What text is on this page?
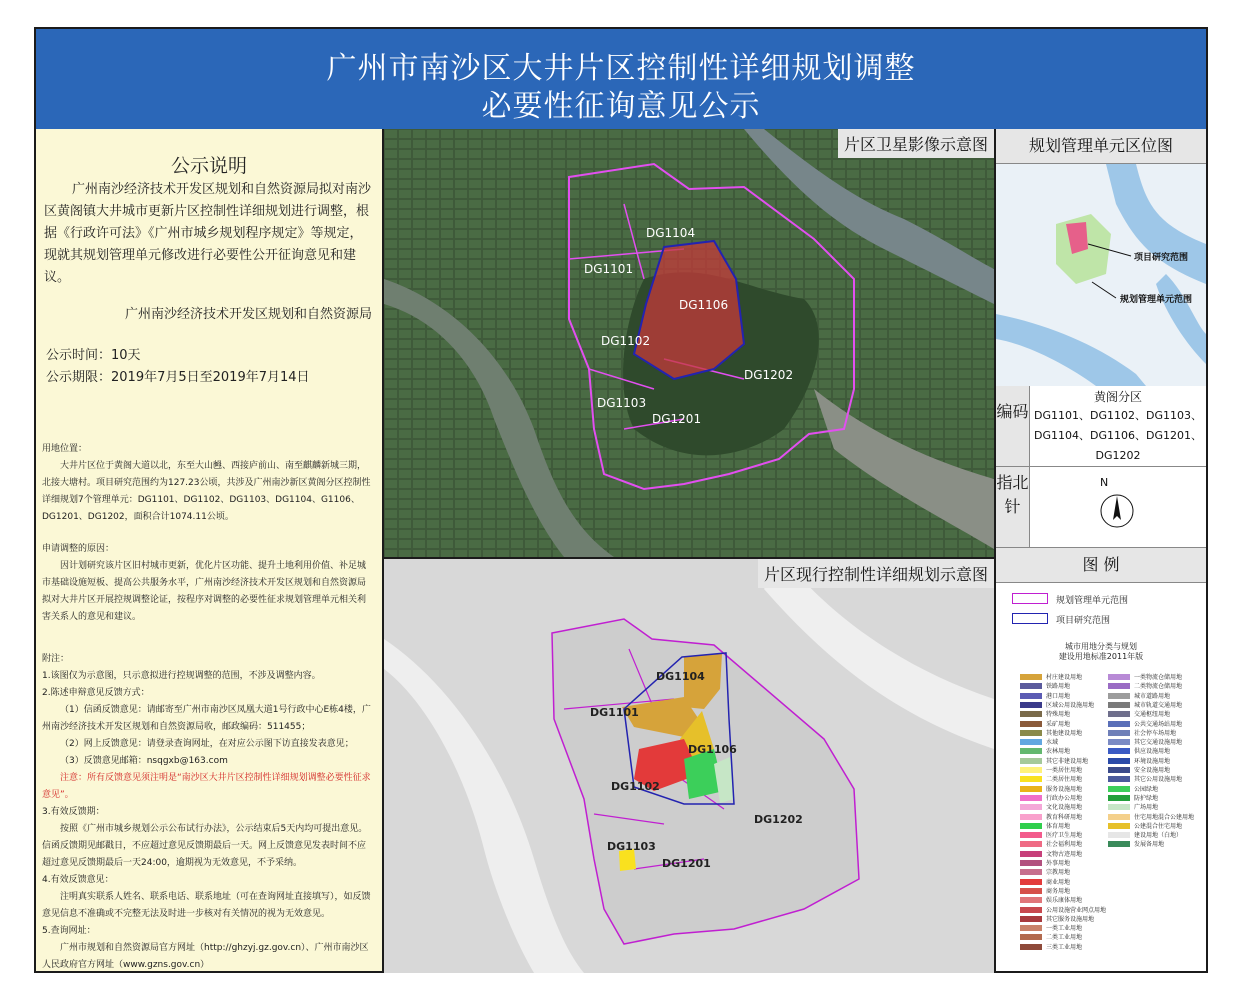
广州市南沙区大井片区控制性详细规划调整
必要性征询意见公示
公示说明
广州南沙经济技术开发区规划和自然资源局拟对南沙区黄阁镇大井城市更新片区控制性详细规划进行调整，根据《行政许可法》《广州市城乡规划程序规定》等规定，现就其规划管理单元修改进行必要性公开征询意见和建议。
广州南沙经济技术开发区规划和自然资源局
公示时间：10天
公示期限：2019年7月5日至2019年7月14日
用地位置：
大井片区位于黄阁大道以北，东至大山乸、西接庐前山、南至麒麟新城三期，北接大塘村。项目研究范围约为127.23公顷，共涉及广州南沙新区黄阁分区控制性详细规划7个管理单元：DG1101、DG1102、DG1103、DG1104、G1106、DG1201、DG1202，面积合计1074.11公顷。
申请调整的原因：
因计划研究该片区旧村城市更新，优化片区功能、提升土地利用价值、补足城市基础设施短板、提高公共服务水平，广州南沙经济技术开发区规划和自然资源局拟对大井片区开展控规调整论证，按程序对调整的必要性征求规划管理单元相关利害关系人的意见和建议。
附注：
1.该图仅为示意图，只示意拟进行控规调整的范围，不涉及调整内容。
2.陈述申辩意见反馈方式：
（1）信函反馈意见：请邮寄至广州市南沙区凤凰大道1号行政中心E栋4楼，广州南沙经济技术开发区规划和自然资源局收，邮政编码：511455；
（2）网上反馈意见：请登录查询网址，在对应公示图下访直接发表意见；
（3）反馈意见邮箱：nsqgxb@163.com
注意：所有反馈意见须注明是“南沙区大井片区控制性详细规划调整必要性征求意见”。
3.有效反馈期：
按照《广州市城乡规划公示公布试行办法》，公示结束后5天内均可提出意见。信函反馈期见邮戳日，不应超过意见反馈期最后一天。网上反馈意见发表时间不应超过意见反馈期最后一天24:00，逾期视为无效意见，不予采纳。
4.有效反馈意见：
注明真实联系人姓名、联系电话、联系地址（可在查询网址直接填写），如反馈意见信息不准确或不完整无法及时进一步核对有关情况的视为无效意见。
5.查询网址：
广州市规划和自然资源局官方网址（http://ghzyj.gz.gov.cn）、广州市南沙区人民政府官方网址（www.gzns.gov.cn）
DG1104
DG1101
DG1106
DG1102
DG1202
DG1103
DG1201
片区卫星影像示意图
DG1104
DG1101
DG1106
DG1102
DG1202
DG1103
DG1201
片区现行控制性详细规划示意图
规划管理单元区位图
项目研究范围
规划管理单元范围
编码
黄阁分区
DG1101、DG1102、DG1103、DG1104、DG1106、DG1201、DG1202
指北针
N
图 例
规划管理单元范围
项目研究范围
城市用地分类与规划
建设用地标准2011年版
村庄建设用地
铁路用地
港口用地
区域公用设施用地
特殊用地
采矿用地
其他建设用地
水域
农林用地
其它非建设用地
一类居住用地
二类居住用地
服务设施用地
行政办公用地
文化设施用地
教育科研用地
体育用地
医疗卫生用地
社会福利用地
文物古迹用地
外事用地
宗教用地
商业用地
商务用地
娱乐康体用地
公用设施营业网点用地
其它服务设施用地
一类工业用地
二类工业用地
三类工业用地
一类物流仓储用地
二类物流仓储用地
城市道路用地
城市轨道交通用地
交通枢纽用地
公共交通场站用地
社会停车场用地
其它交通设施用地
供应设施用地
环境设施用地
安全设施用地
其它公用设施用地
公园绿地
防护绿地
广场用地
住宅用地混合公建用地
公建混合住宅用地
建设用地（白地）
发展备用地
